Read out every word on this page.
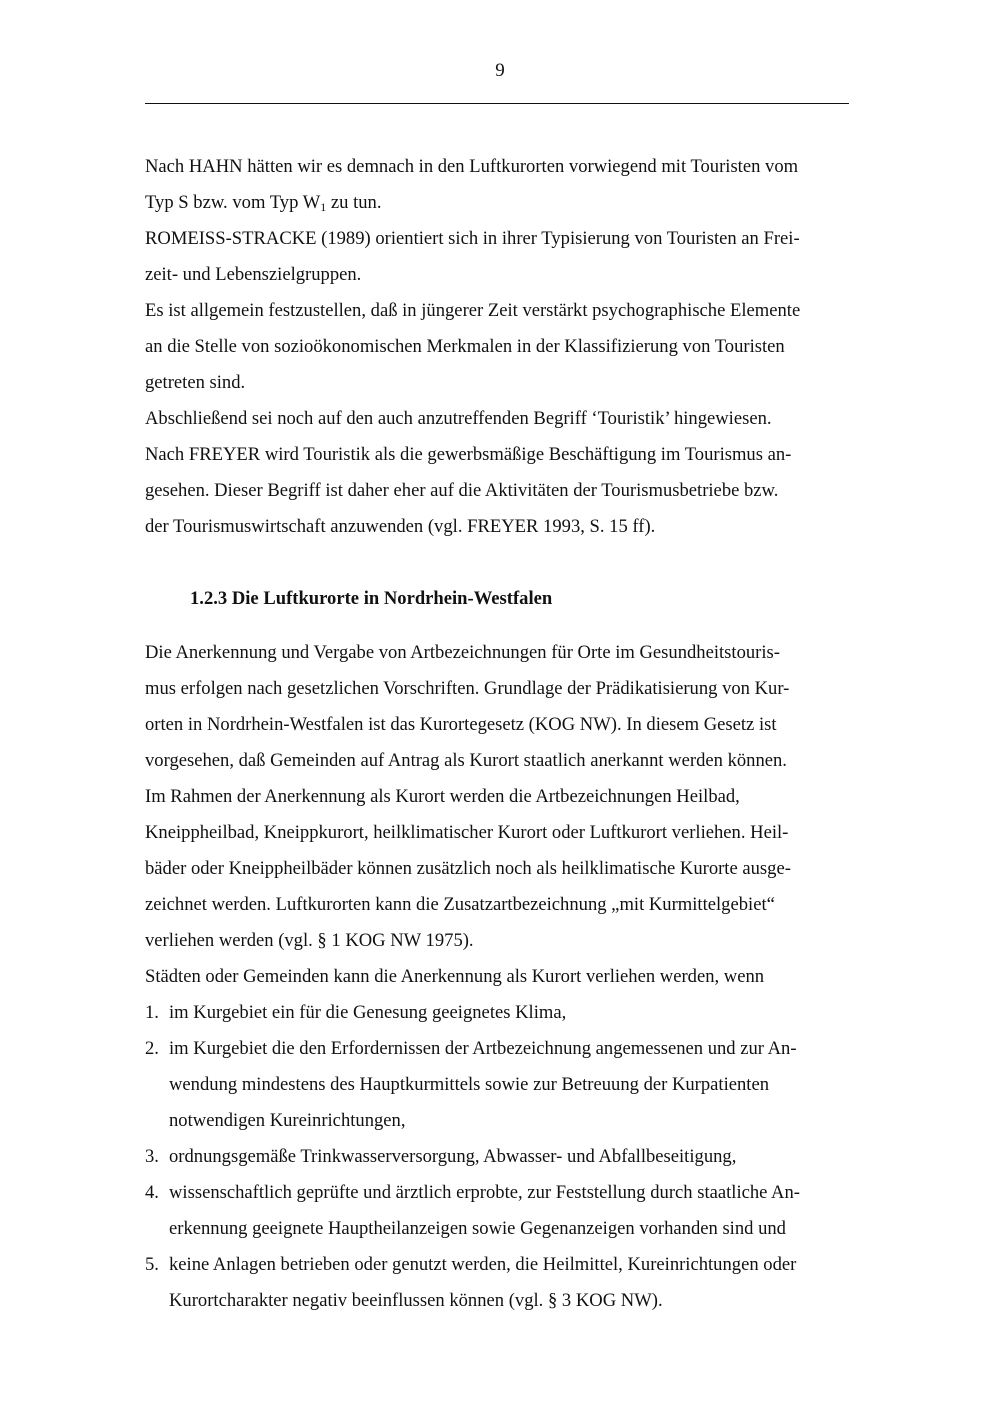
9
Nach HAHN hätten wir es demnach in den Luftkurorten vorwiegend mit Touristen vom
Typ S bzw. vom Typ $W_1$ zu tun.
ROMEISS-STRACKE (1989) orientiert sich in ihrer Typisierung von Touristen an Frei-
zeit- und Lebenszielgruppen.
Es ist allgemein festzustellen, daß in jüngerer Zeit verstärkt psychographische Elemente
an die Stelle von sozioökonomischen Merkmalen in der Klassifizierung von Touristen
getreten sind.
Abschließend sei noch auf den auch anzutreffenden Begriff ‘Touristik’ hingewiesen.
Nach FREYER wird Touristik als die gewerbsmäßige Beschäftigung im Tourismus an-
gesehen. Dieser Begriff ist daher eher auf die Aktivitäten der Tourismusbetriebe bzw.
der Tourismuswirtschaft anzuwenden (vgl. FREYER 1993, S. 15 ff).
1.2.3 Die Luftkurorte in Nordrhein-Westfalen
Die Anerkennung und Vergabe von Artbezeichnungen für Orte im Gesundheitstouris-
mus erfolgen nach gesetzlichen Vorschriften. Grundlage der Prädikatisierung von Kur-
orten in Nordrhein-Westfalen ist das Kurortegesetz (KOG NW). In diesem Gesetz ist
vorgesehen, daß Gemeinden auf Antrag als Kurort staatlich anerkannt werden können.
Im Rahmen der Anerkennung als Kurort werden die Artbezeichnungen Heilbad,
Kneippheilbad, Kneippkurort, heilklimatischer Kurort oder Luftkurort verliehen. Heil-
bäder oder Kneippheilbäder können zusätzlich noch als heilklimatische Kurorte ausge-
zeichnet werden. Luftkurorten kann die Zusatzartbezeichnung „mit Kurmittelgebiet“
verliehen werden (vgl. § 1 KOG NW 1975).
Städten oder Gemeinden kann die Anerkennung als Kurort verliehen werden, wenn
1. im Kurgebiet ein für die Genesung geeignetes Klima,
2. im Kurgebiet die den Erfordernissen der Artbezeichnung angemessenen und zur An-
wendung mindestens des Hauptkurmittels sowie zur Betreuung der Kurpatienten
notwendigen Kureinrichtungen,
3. ordnungsgemäße Trinkwasserversorgung, Abwasser- und Abfallbeseitigung,
4. wissenschaftlich geprüfte und ärztlich erprobte, zur Feststellung durch staatliche An-
erkennung geeignete Hauptheilanzeigen sowie Gegenanzeigen vorhanden sind und
5. keine Anlagen betrieben oder genutzt werden, die Heilmittel, Kureinrichtungen oder
Kurortcharakter negativ beeinflussen können (vgl. § 3 KOG NW).
